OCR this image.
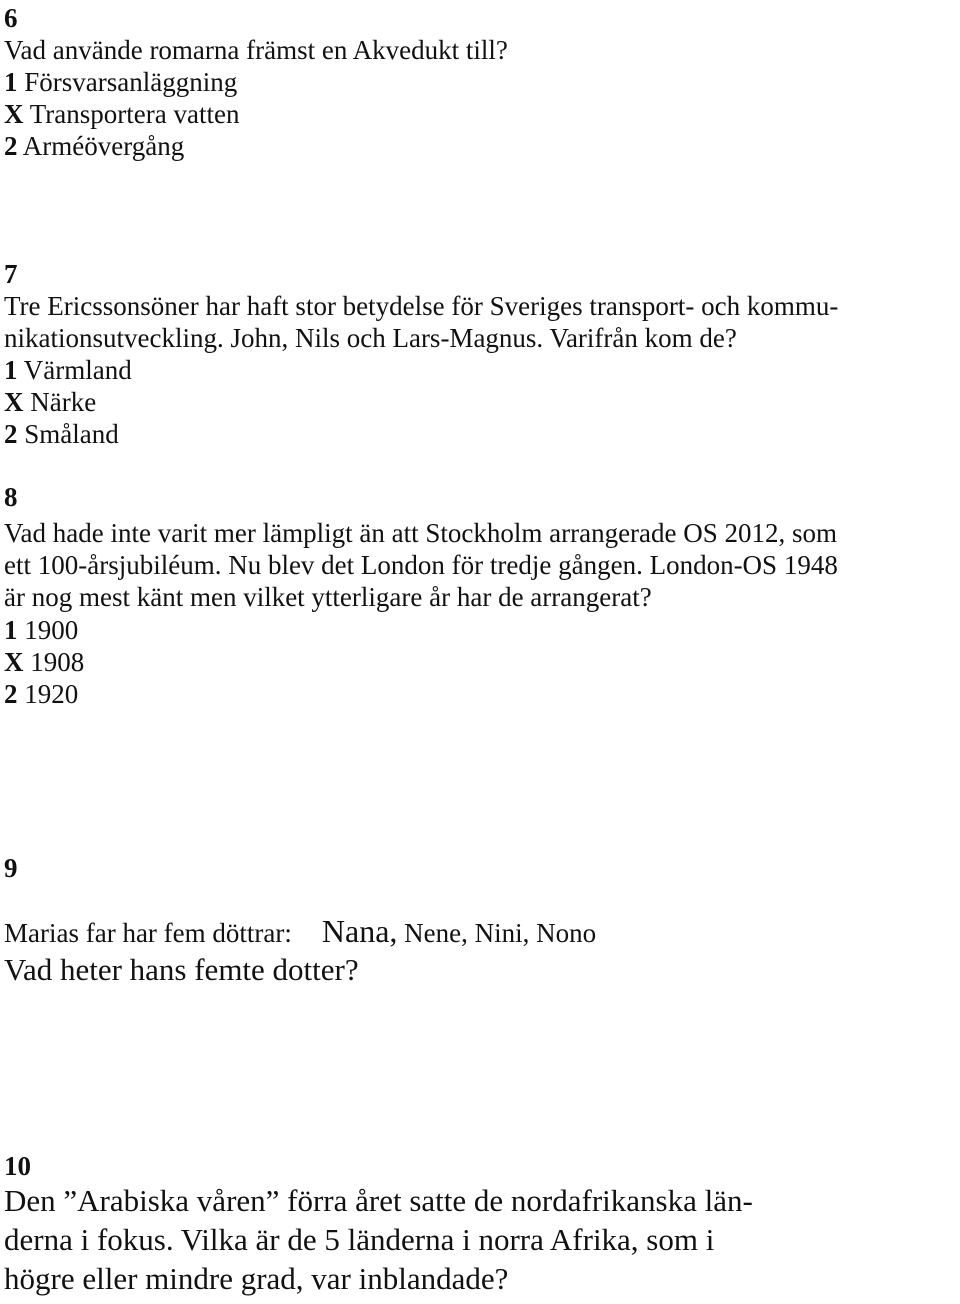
6
Vad använde romarna främst en Akvedukt till?
1 Försvarsanläggning
X Transportera vatten
2 Arméövergång
7
Tre Ericssonsöner har haft stor betydelse för Sveriges transport- och kommu-
nikationsutveckling. John, Nils och Lars-Magnus. Varifrån kom de?
1 Värmland
X Närke
2 Småland
8
Vad hade inte varit mer lämpligt än att Stockholm arrangerade OS 2012, som
ett 100-årsjubiléum. Nu blev det London för tredje gången. London-OS 1948
är nog mest känt men vilket ytterligare år har de arrangerat?
1 1900
X 1908
2 1920
9
Marias far har fem döttrar: Nana, Nene, Nini, Nono
Vad heter hans femte dotter?
10
Den ”Arabiska våren” förra året satte de nordafrikanska län-
derna i fokus. Vilka är de 5 länderna i norra Afrika, som i
högre eller mindre grad, var inblandade?
